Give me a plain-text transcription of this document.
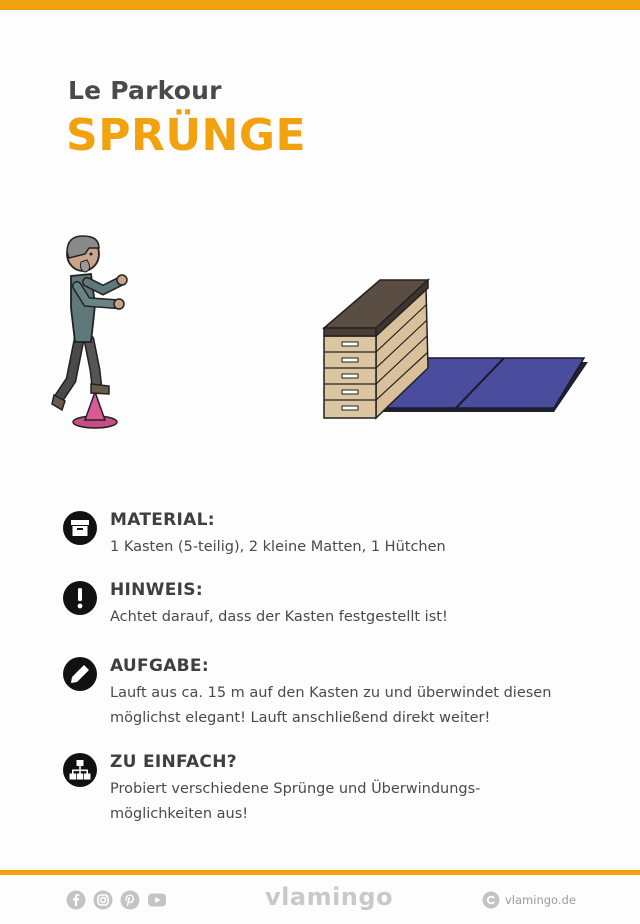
Le Parkour
SPRÜNGE
MATERIAL:
1 Kasten (5-teilig), 2 kleine Matten, 1 Hütchen
HINWEIS:
Achtet darauf, dass der Kasten festgestellt ist!
AUFGABE:
Lauft aus ca. 15 m auf den Kasten zu und überwindet diesen möglichst elegant! Lauft anschließend direkt weiter!
ZU EINFACH?
Probiert verschiedene Sprünge und Überwindungs-möglichkeiten aus!
vlamingo	vlamingo.de
